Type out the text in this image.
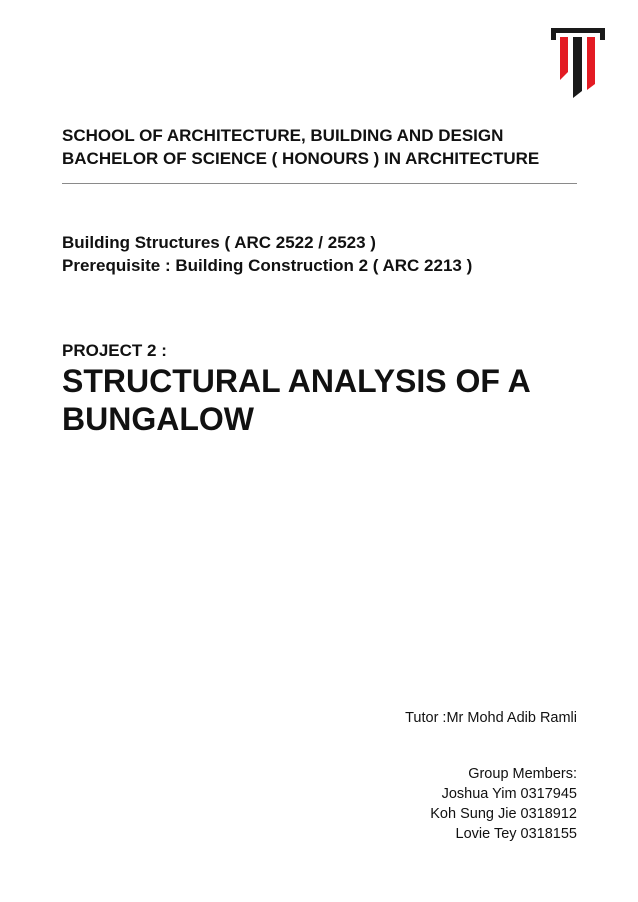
SCHOOL OF ARCHITECTURE, BUILDING AND DESIGN
BACHELOR OF SCIENCE ( HONOURS ) IN ARCHITECTURE
Building Structures ( ARC 2522 / 2523 )
Prerequisite : Building Construction 2 ( ARC 2213 )
PROJECT 2 :
STRUCTURAL ANALYSIS OF A
BUNGALOW
Tutor :Mr Mohd Adib Ramli
Group Members:
Joshua Yim 0317945
Koh Sung Jie 0318912
Lovie Tey 0318155
